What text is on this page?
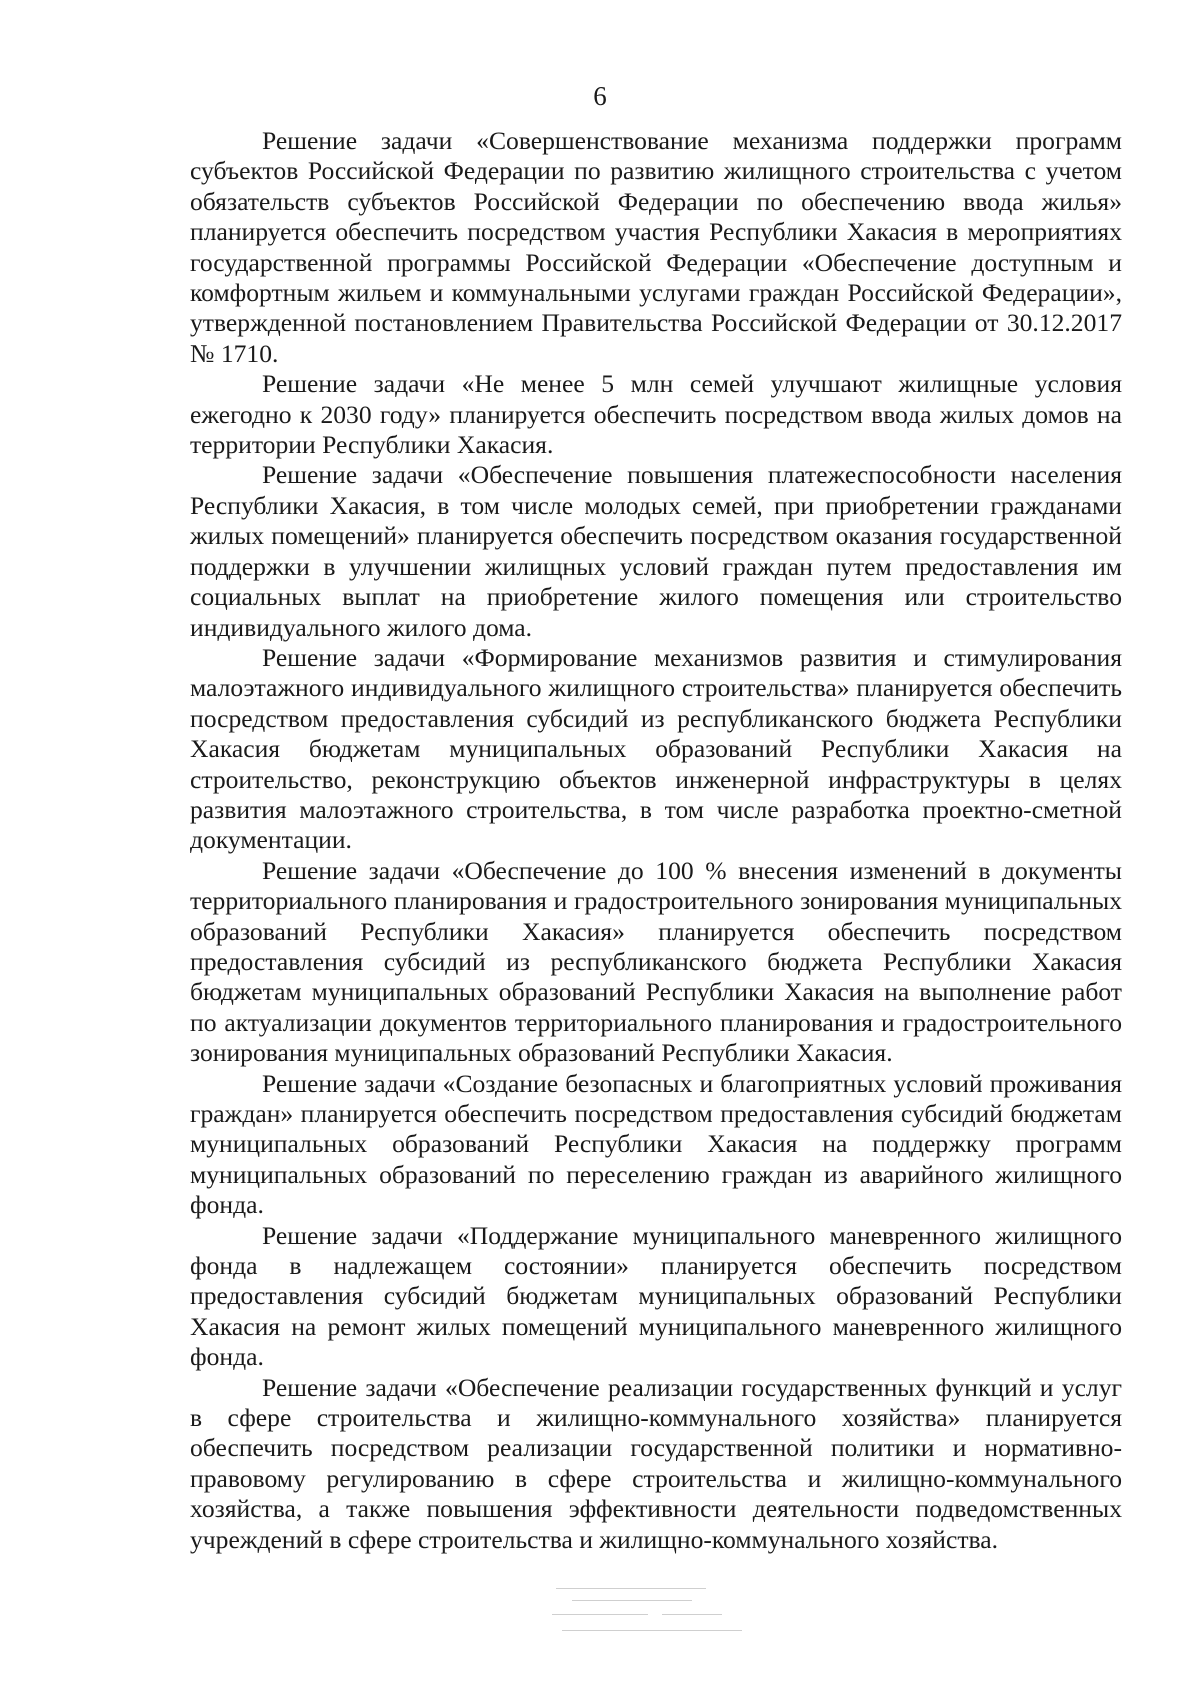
6

Решение задачи «Совершенствование механизма поддержки программ субъектов Российской Федерации по развитию жилищного строительства с учетом обязательств субъектов Российской Федерации по обеспечению ввода жилья» планируется обеспечить посредством участия Республики Хакасия в мероприятиях государственной программы Российской Федерации «Обеспечение доступным и комфортным жильем и коммунальными услугами граждан Российской Федерации», утвержденной постановлением Правительства Российской Федерации от 30.12.2017 № 1710.

Решение задачи «Не менее 5 млн семей улучшают жилищные условия ежегодно к 2030 году» планируется обеспечить посредством ввода жилых домов на территории Республики Хакасия.

Решение задачи «Обеспечение повышения платежеспособности населения Республики Хакасия, в том числе молодых семей, при приобретении гражданами жилых помещений» планируется обеспечить посредством оказания государственной поддержки в улучшении жилищных условий граждан путем предоставления им социальных выплат на приобретение жилого помещения или строительство индивидуального жилого дома.

Решение задачи «Формирование механизмов развития и стимулирования малоэтажного индивидуального жилищного строительства» планируется обеспечить посредством предоставления субсидий из республиканского бюджета Республики Хакасия бюджетам муниципальных образований Республики Хакасия на строительство, реконструкцию объектов инженерной инфраструктуры в целях развития малоэтажного строительства, в том числе разработка проектно-сметной документации.

Решение задачи «Обеспечение до 100 % внесения изменений в документы территориального планирования и градостроительного зонирования муниципальных образований Республики Хакасия» планируется обеспечить посредством предоставления субсидий из республиканского бюджета Республики Хакасия бюджетам муниципальных образований Республики Хакасия на выполнение работ по актуализации документов территориального планирования и градостроительного зонирования муниципальных образований Республики Хакасия.

Решение задачи «Создание безопасных и благоприятных условий проживания граждан» планируется обеспечить посредством предоставления субсидий бюджетам муниципальных образований Республики Хакасия на поддержку программ муниципальных образований по переселению граждан из аварийного жилищного фонда.

Решение задачи «Поддержание муниципального маневренного жилищного фонда в надлежащем состоянии» планируется обеспечить посредством предоставления субсидий бюджетам муниципальных образований Республики Хакасия на ремонт жилых помещений муниципального маневренного жилищного фонда.

Решение задачи «Обеспечение реализации государственных функций и услуг в сфере строительства и жилищно-коммунального хозяйства» планируется обеспечить посредством реализации государственной политики и нормативно-правовому регулированию в сфере строительства и жилищно-коммунального хозяйства, а также повышения эффективности деятельности подведомственных учреждений в сфере строительства и жилищно-коммунального хозяйства.
